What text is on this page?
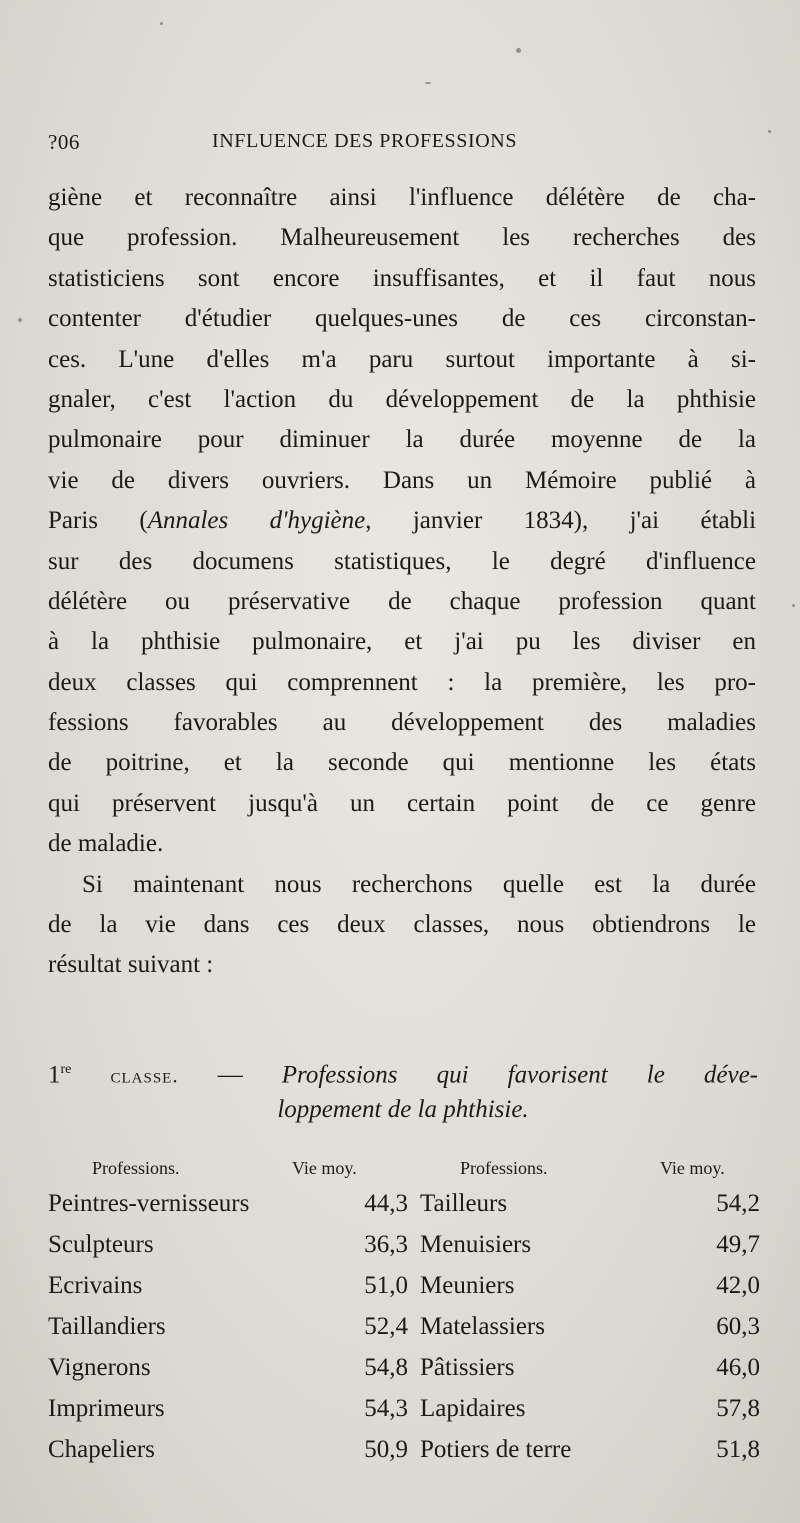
?06	INFLUENCE DES PROFESSIONS
giène et reconnaître ainsi l'influence délétère de cha-
que profession. Malheureusement les recherches des
statisticiens sont encore insuffisantes, et il faut nous
contenter d'étudier quelques-unes de ces circonstan-
ces. L'une d'elles m'a paru surtout importante à si-
gnaler, c'est l'action du développement de la phthisie
pulmonaire pour diminuer la durée moyenne de la
vie de divers ouvriers. Dans un Mémoire publié à
Paris (Annales d'hygiène, janvier 1834), j'ai établi
sur des documens statistiques, le degré d'influence
délétère ou préservative de chaque profession quant
à la phthisie pulmonaire, et j'ai pu les diviser en
deux classes qui comprennent : la première, les pro-
fessions favorables au développement des maladies
de poitrine, et la seconde qui mentionne les états
qui préservent jusqu'à un certain point de ce genre
de maladie.
Si maintenant nous recherchons quelle est la durée
de la vie dans ces deux classes, nous obtiendrons le
résultat suivant :
1re classe. — Professions qui favorisent le déve-
loppement de la phthisie.
Professions.	Vie moy.	Professions.	Vie moy.
Peintres-vernisseurs	44,3 Tailleurs	54,2
Sculpteurs	36,3 Menuisiers	49,7
Ecrivains	51,0 Meuniers	42,0
Taillandiers	52,4 Matelassiers	60,3
Vignerons	54,8 Pâtissiers	46,0
Imprimeurs	54,3 Lapidaires	57,8
Chapeliers	50,9 Potiers de terre	51,8
